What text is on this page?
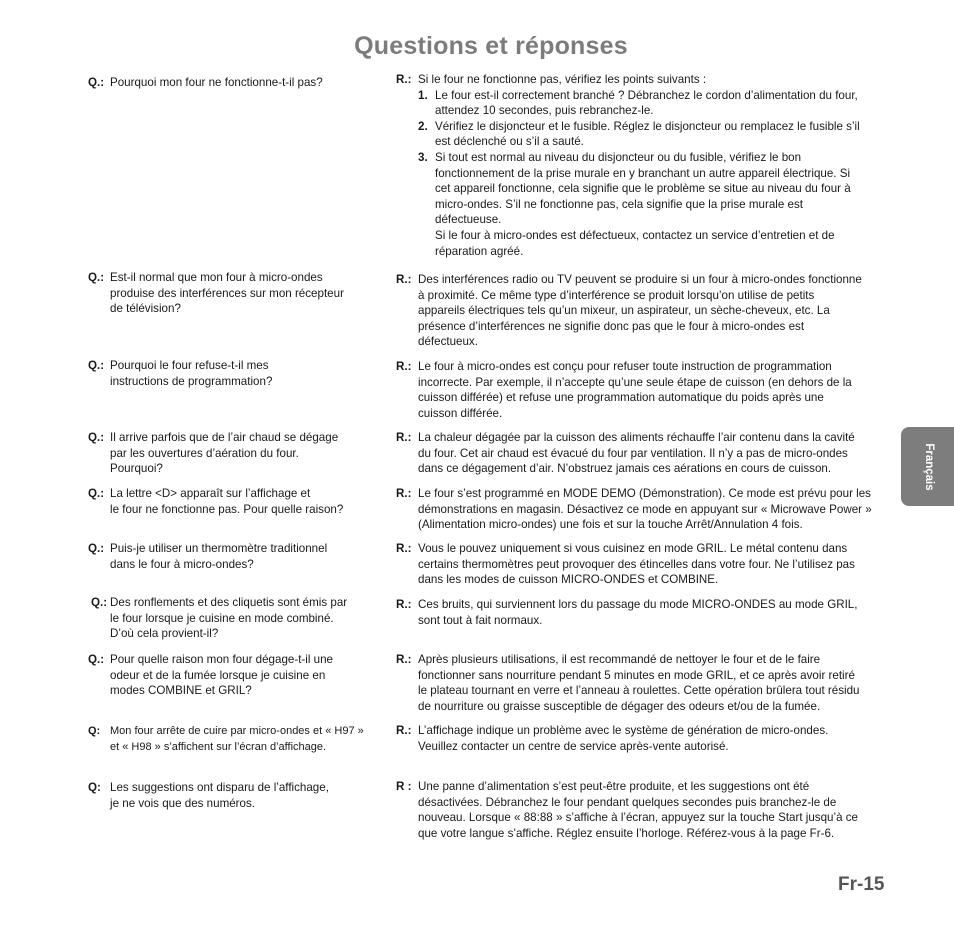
Questions et réponses
Q.: Pourquoi mon four ne fonctionne-t-il pas?	R.: Si le four ne fonctionne pas, vérifiez les points suivants :
1. Le four est-il correctement branché ? Débranchez le cordon d’alimentation du four,
attendez 10 secondes, puis rebranchez-le.
2. Vérifiez le disjoncteur et le fusible. Réglez le disjoncteur ou remplacez le fusible s’il
est déclenché ou s’il a sauté.
3. Si tout est normal au niveau du disjoncteur ou du fusible, vérifiez le bon
fonctionnement de la prise murale en y branchant un autre appareil électrique. Si
cet appareil fonctionne, cela signifie que le problème se situe au niveau du four à
micro-ondes. S’il ne fonctionne pas, cela signifie que la prise murale est
défectueuse.
Si le four à micro-ondes est défectueux, contactez un service d’entretien et de
réparation agréé.
Q.: Est-il normal que mon four à micro-ondes
produise des interférences sur mon récepteur
de télévision?
R.: Des interférences radio ou TV peuvent se produire si un four à micro-ondes fonctionne
à proximité. Ce même type d’interférence se produit lorsqu’on utilise de petits
appareils électriques tels qu’un mixeur, un aspirateur, un sèche-cheveux, etc. La
présence d’interférences ne signifie donc pas que le four à micro-ondes est
défectueux.
Q.: Pourquoi le four refuse-t-il mes
instructions de programmation?
R.: Le four à micro-ondes est conçu pour refuser toute instruction de programmation
incorrecte. Par exemple, il n’accepte qu’une seule étape de cuisson (en dehors de la
cuisson différée) et refuse une programmation automatique du poids après une
cuisson différée.
Q.: Il arrive parfois que de l’air chaud se dégage
par les ouvertures d’aération du four.
Pourquoi?
R.: La chaleur dégagée par la cuisson des aliments réchauffe l’air contenu dans la cavité
du four. Cet air chaud est évacué du four par ventilation. Il n’y a pas de micro-ondes
dans ce dégagement d’air. N’obstruez jamais ces aérations en cours de cuisson.
Q.: La lettre <D> apparaît sur l’affichage et
le four ne fonctionne pas. Pour quelle raison?
R.: Le four s’est programmé en MODE DEMO (Démonstration). Ce mode est prévu pour les
démonstrations en magasin. Désactivez ce mode en appuyant sur « Microwave Power »
(Alimentation micro-ondes) une fois et sur la touche Arrêt/Annulation 4 fois.
Q.: Puis-je utiliser un thermomètre traditionnel
dans le four à micro-ondes?
R.: Vous le pouvez uniquement si vous cuisinez en mode GRIL. Le métal contenu dans
certains thermomètres peut provoquer des étincelles dans votre four. Ne l’utilisez pas
dans les modes de cuisson MICRO-ONDES et COMBINE.
Q.: Des ronflements et des cliquetis sont émis par
le four lorsque je cuisine en mode combiné.
D’où cela provient-il?
R.: Ces bruits, qui surviennent lors du passage du mode MICRO-ONDES au mode GRIL,
sont tout à fait normaux.
Q.: Pour quelle raison mon four dégage-t-il une
odeur et de la fumée lorsque je cuisine en
modes COMBINE et GRIL?
R.: Après plusieurs utilisations, il est recommandé de nettoyer le four et de le faire
fonctionner sans nourriture pendant 5 minutes en mode GRIL, et ce après avoir retiré
le plateau tournant en verre et l’anneau à roulettes. Cette opération brûlera tout résidu
de nourriture ou graisse susceptible de dégager des odeurs et/ou de la fumée.
Q: Mon four arrête de cuire par micro-ondes et « H97 »
et « H98 » s’affichent sur l’écran d’affichage.
R.: L’affichage indique un problème avec le système de génération de micro-ondes.
Veuillez contacter un centre de service après-vente autorisé.
Q: Les suggestions ont disparu de l’affichage,
je ne vois que des numéros.
R : Une panne d’alimentation s’est peut-être produite, et les suggestions ont été
désactivées. Débranchez le four pendant quelques secondes puis branchez-le de
nouveau. Lorsque « 88:88 » s’affiche à l’écran, appuyez sur la touche Start jusqu’à ce
que votre langue s’affiche. Réglez ensuite l’horloge. Référez-vous à la page Fr-6.
Français
Fr-15
